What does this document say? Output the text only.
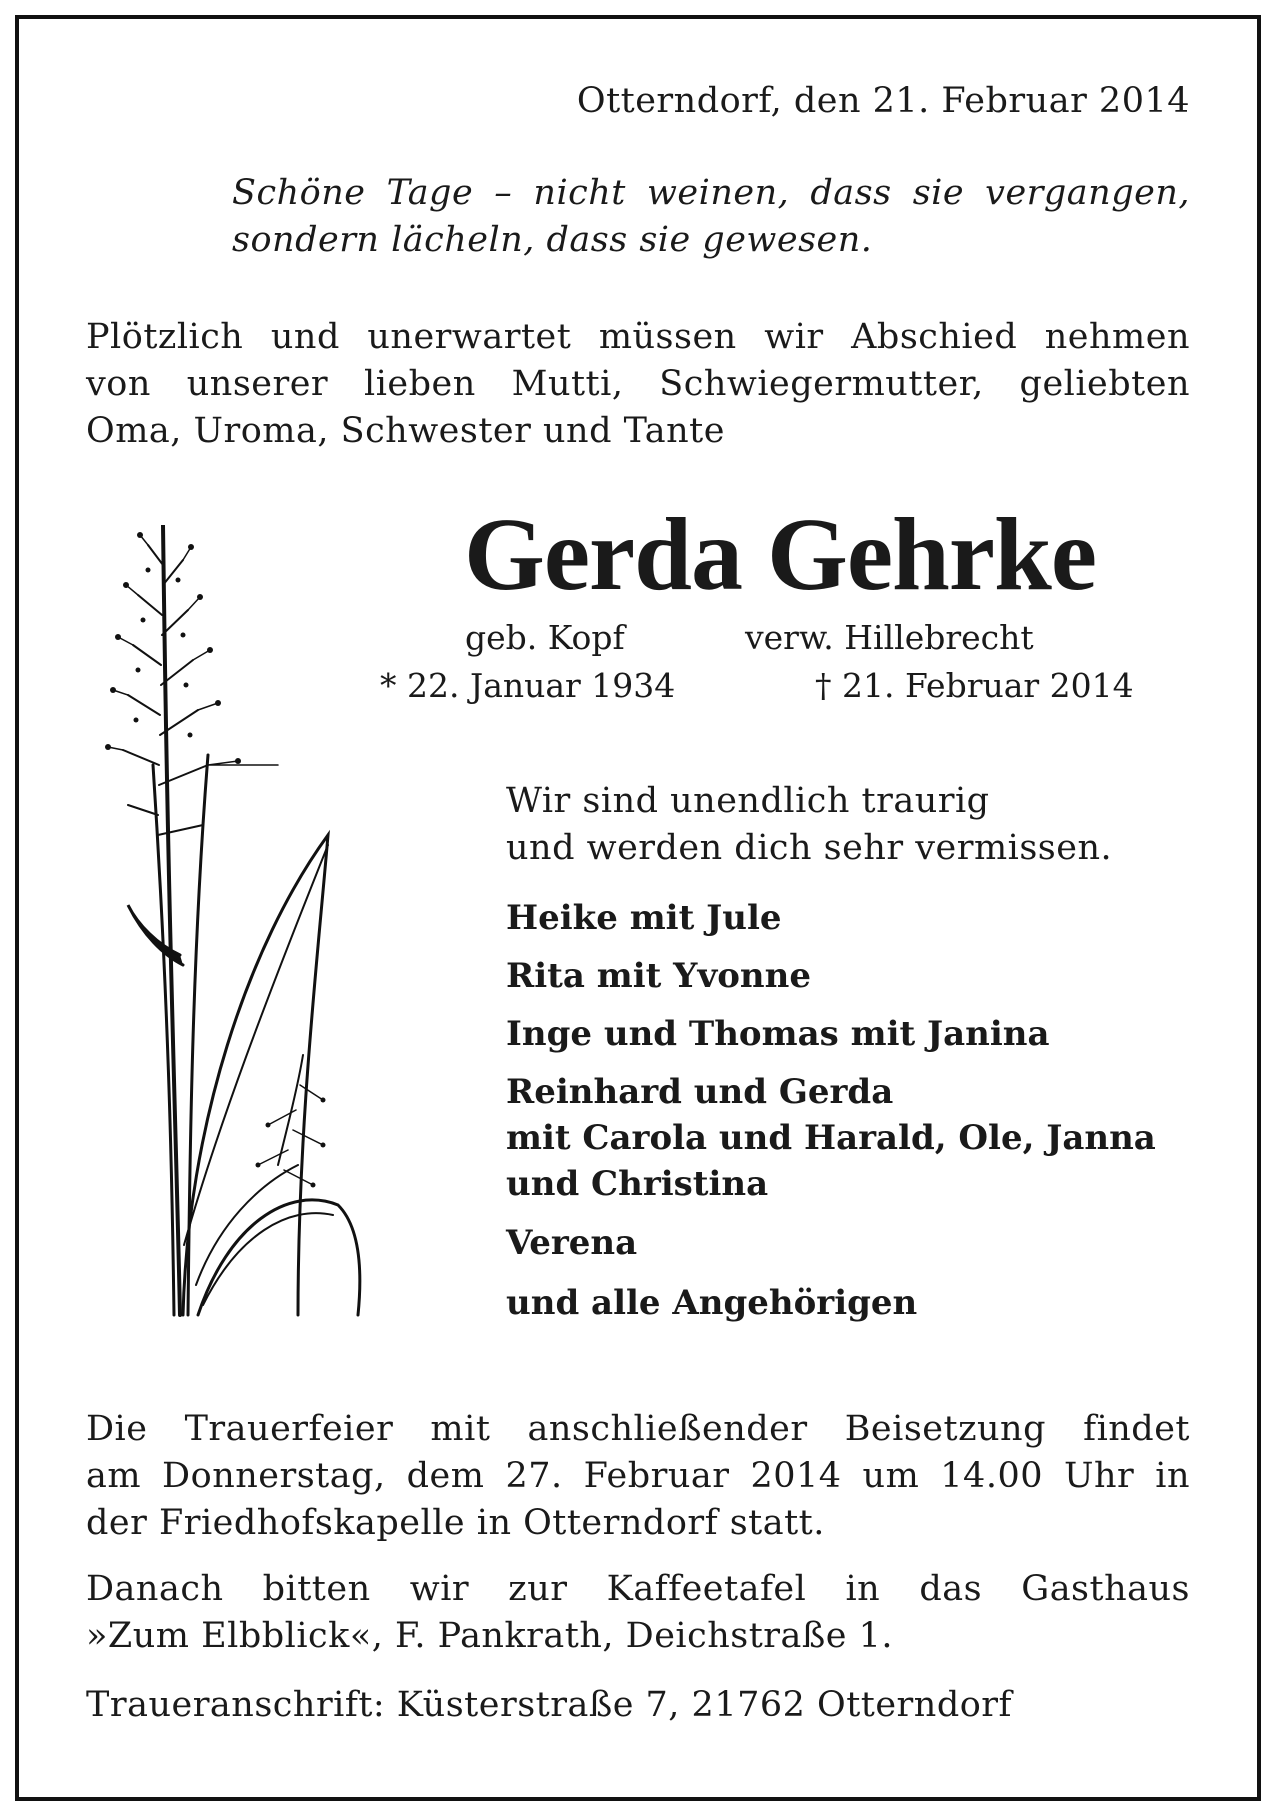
Otterndorf, den 21. Februar 2014
Schöne Tage – nicht weinen, dass sie vergangen,
sondern lächeln, dass sie gewesen.
Plötzlich und unerwartet müssen wir Abschied nehmen
von unserer lieben Mutti, Schwiegermutter, geliebten
Oma, Uroma, Schwester und Tante
Gerda Gehrke
geb. Kopf	verw. Hillebrecht
* 22. Januar 1934	† 21. Februar 2014
Wir sind unendlich traurig
und werden dich sehr vermissen.
Heike mit Jule
Rita mit Yvonne
Inge und Thomas mit Janina
Reinhard und Gerda
mit Carola und Harald, Ole, Janna
und Christina
Verena
und alle Angehörigen
Die Trauerfeier mit anschließender Beisetzung findet
am Donnerstag, dem 27. Februar 2014 um 14.00 Uhr in
der Friedhofskapelle in Otterndorf statt.
Danach bitten wir zur Kaffeetafel in das Gasthaus
»Zum Elbblick«, F. Pankrath, Deichstraße 1.
Traueranschrift: Küsterstraße 7, 21762 Otterndorf
